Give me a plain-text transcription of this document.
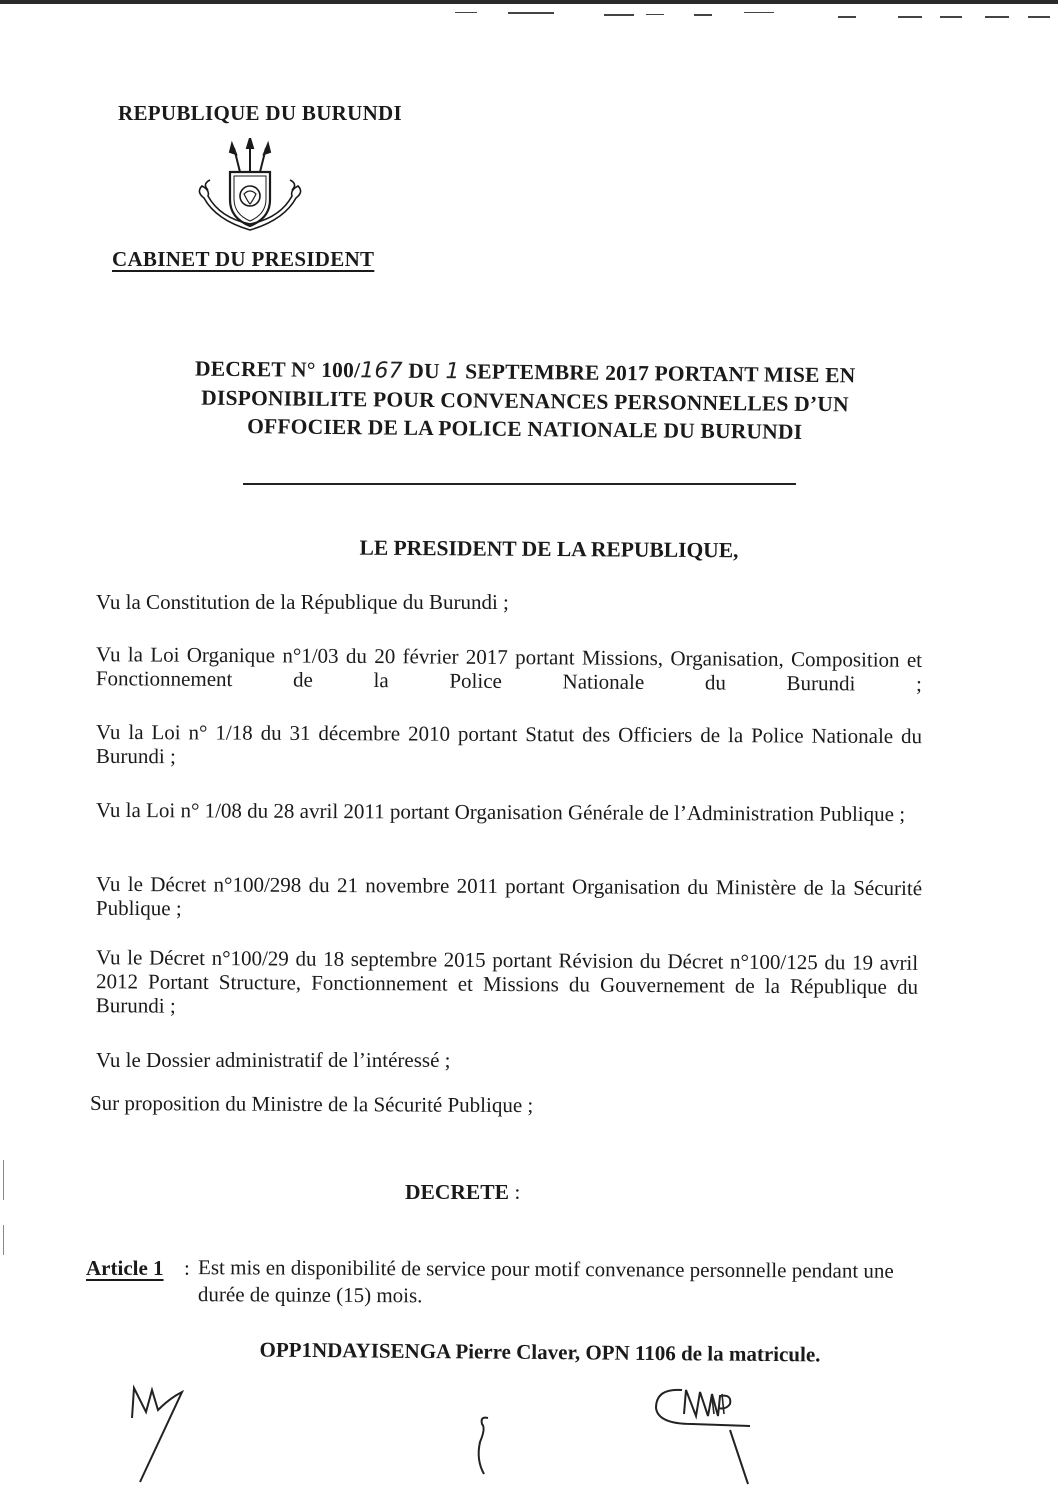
REPUBLIQUE DU BURUNDI
CABINET DU PRESIDENT
DECRET N° 100/167 DU 1 SEPTEMBRE 2017 PORTANT MISE EN
DISPONIBILITE POUR CONVENANCES PERSONNELLES D’UN
OFFOCIER DE LA POLICE NATIONALE DU BURUNDI
LE PRESIDENT DE LA REPUBLIQUE,
Vu la Constitution de la République du Burundi ;
Vu la Loi Organique n°1/03 du 20 février 2017 portant Missions, Organisation, Composition et Fonctionnement de la Police Nationale du Burundi ;
Vu la Loi n° 1/18 du 31 décembre 2010 portant Statut des Officiers de la Police Nationale du Burundi ;
Vu la Loi n° 1/08 du 28 avril 2011 portant Organisation Générale de l’Administration Publique ;
Vu le Décret n°100/298 du 21 novembre 2011 portant Organisation du Ministère de la Sécurité Publique ;
Vu le Décret n°100/29 du 18 septembre 2015 portant Révision du Décret n°100/125 du 19 avril 2012 Portant Structure, Fonctionnement et Missions du Gouvernement de la République du Burundi ;
Vu le Dossier administratif de l’intéressé ;
Sur proposition du Ministre de la Sécurité Publique ;
DECRETE :
Article 1 : Est mis en disponibilité de service pour motif convenance personnelle pendant une durée de quinze (15) mois.
OPP1NDAYISENGA Pierre Claver, OPN 1106 de la matricule.
